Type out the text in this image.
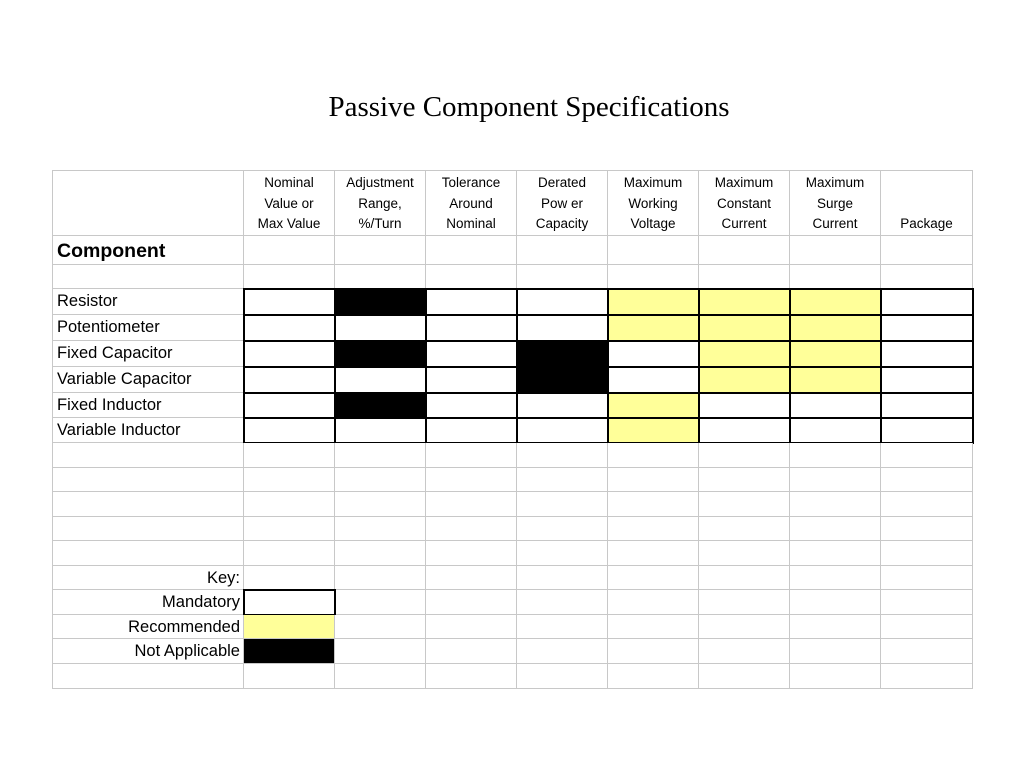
Passive Component Specifications
Nominal
Value or
Max Value
Adjustment
Range,
%/Turn
Tolerance
Around
Nominal
Derated
Pow er
Capacity
Maximum
Working
Voltage
Maximum
Constant
Current
Maximum
Surge
Current	Package
Component
Resistor
Potentiometer
Fixed Capacitor
Variable Capacitor
Fixed Inductor
Variable Inductor
Key:
Mandatory
Recommended
Not Applicable
